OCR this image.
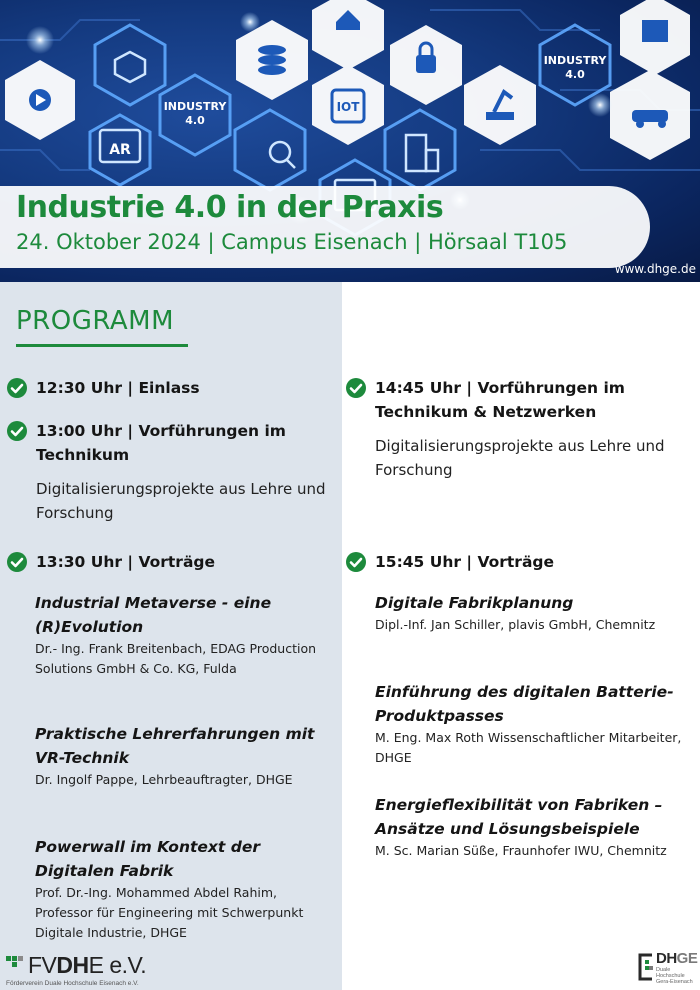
INDUSTRY
4.0
INDUSTRY
4.0
AR
IOT
Industrie 4.0 in der Praxis
24. Oktober 2024 | Campus Eisenach | Hörsaal T105
www.dhge.de
PROGRAMM
12:30 Uhr | Einlass
13:00 Uhr | Vorführungen im Technikum
Digitalisierungsprojekte aus Lehre und Forschung
13:30 Uhr | Vorträge
Industrial Metaverse - eine (R)Evolution
Dr.- Ing. Frank Breitenbach, EDAG Production Solutions GmbH & Co. KG, Fulda
Praktische Lehrerfahrungen mit VR-Technik
Dr. Ingolf Pappe, Lehrbeauftragter, DHGE
Powerwall im Kontext der Digitalen Fabrik
Prof. Dr.-Ing. Mohammed Abdel Rahim, Professor für Engineering mit Schwerpunkt Digitale Industrie, DHGE
14:45 Uhr | Vorführungen im Technikum & Netzwerken
Digitalisierungsprojekte aus Lehre und Forschung
15:45 Uhr | Vorträge
Digitale Fabrikplanung
Dipl.-Inf. Jan Schiller, plavis GmbH, Chemnitz
Einführung des digitalen Batterie-Produktpasses
M. Eng. Max Roth Wissenschaftlicher Mitarbeiter, DHGE
Energieflexibilität von Fabriken – Ansätze und Lösungsbeispiele
M. Sc. Marian Süße, Fraunhofer IWU, Chemnitz
FVDHE e.V.
Förderverein Duale Hochschule Eisenach e.V.
DHGE
Duale Hochschule Gera-Eisenach
